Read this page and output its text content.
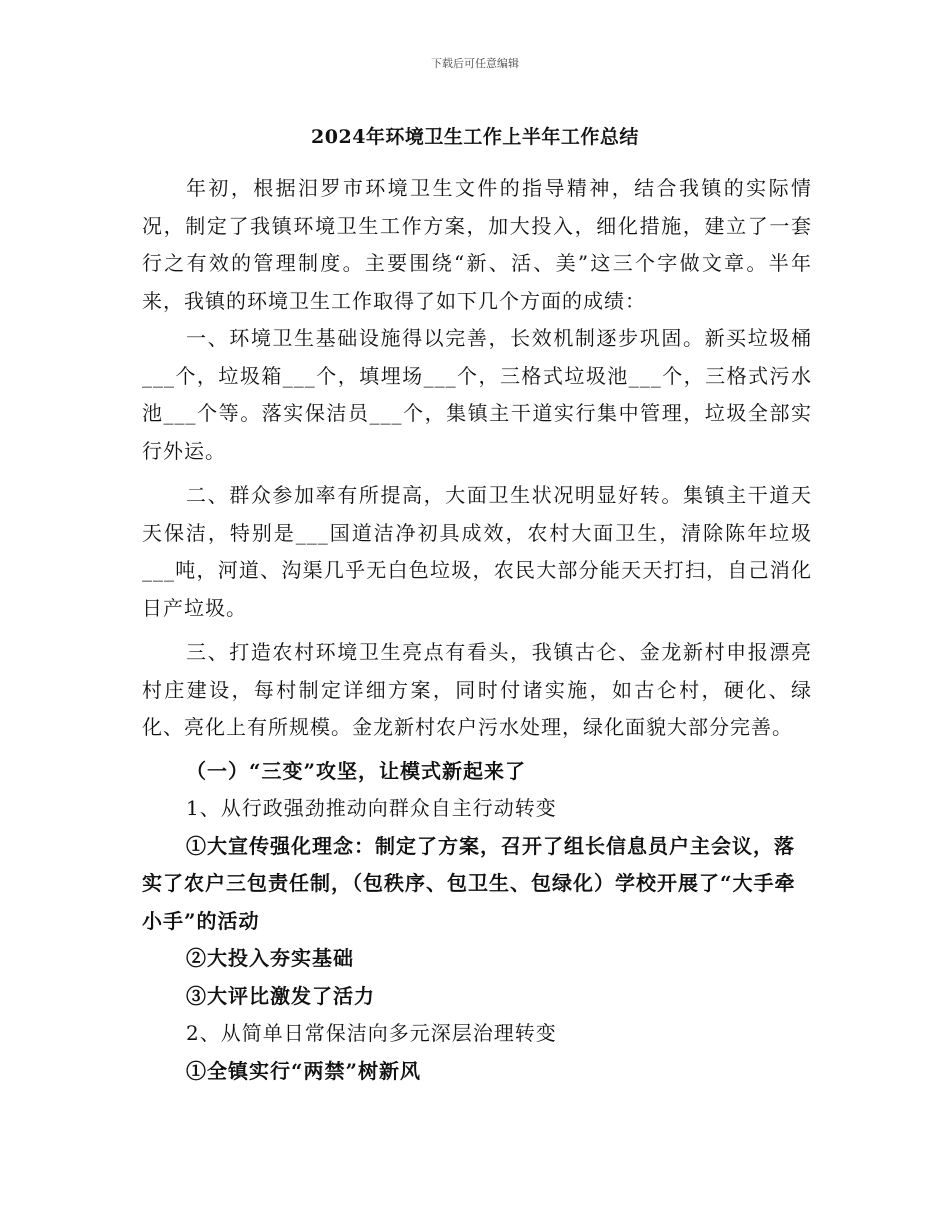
下载后可任意编辑
2024年环境卫生工作上半年工作总结

年初，根据汨罗市环境卫生文件的指导精神，结合我镇的实际情况，制定了我镇环境卫生工作方案，加大投入，细化措施，建立了一套行之有效的管理制度。主要围绕“新、活、美”这三个字做文章。半年来，我镇的环境卫生工作取得了如下几个方面的成绩：

一、环境卫生基础设施得以完善，长效机制逐步巩固。新买垃圾桶___个，垃圾箱___个，填埋场___个，三格式垃圾池___个，三格式污水池___个等。落实保洁员___个，集镇主干道实行集中管理，垃圾全部实行外运。

二、群众参加率有所提高，大面卫生状况明显好转。集镇主干道天天保洁，特别是___国道洁净初具成效，农村大面卫生，清除陈年垃圾___吨，河道、沟渠几乎无白色垃圾，农民大部分能天天打扫，自己消化日产垃圾。

三、打造农村环境卫生亮点有看头，我镇古仑、金龙新村申报漂亮村庄建设，每村制定详细方案，同时付诸实施，如古仑村，硬化、绿化、亮化上有所规模。金龙新村农户污水处理，绿化面貌大部分完善。

（一）“三变”攻坚，让模式新起来了

1、从行政强劲推动向群众自主行动转变

①大宣传强化理念：制定了方案，召开了组长信息员户主会议，落实了农户三包责任制，（包秩序、包卫生、包绿化）学校开展了“大手牵小手”的活动

②大投入夯实基础

③大评比激发了活力

2、从简单日常保洁向多元深层治理转变

①全镇实行“两禁”树新风
